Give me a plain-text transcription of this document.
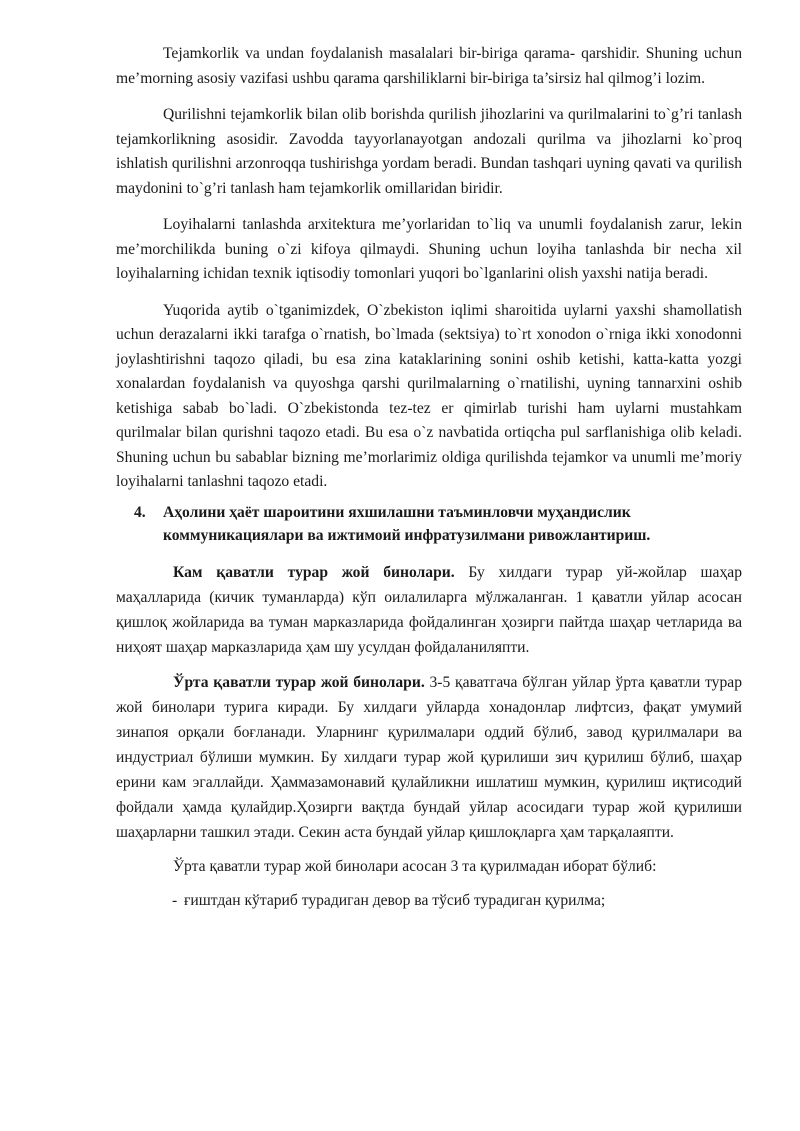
Tejamkorlik va undan foydalanish masalalari bir-biriga qarama- qarshidir. Shuning uchun me’morning asosiy vazifasi ushbu qarama qarshiliklarni bir-biriga ta’sirsiz hal qilmog’i lozim.

Qurilishni tejamkorlik bilan olib borishda qurilish jihozlarini va qurilmalarini to`g’ri tanlash tejamkorlikning asosidir. Zavodda tayyorlanayotgan andozali qurilma va jihozlarni ko`proq ishlatish qurilishni arzonroqqa tushirishga yordam beradi. Bundan tashqari uyning qavati va qurilish maydonini to`g’ri tanlash ham tejamkorlik omillaridan biridir.

Loyihalarni tanlashda arxitektura me’yorlaridan to`liq va unumli foydalanish zarur, lekin me’morchilikda buning o`zi kifoya qilmaydi. Shuning uchun loyiha tanlashda bir necha xil loyihalarning ichidan texnik iqtisodiy tomonlari yuqori bo`lganlarini olish yaxshi natija beradi.

Yuqorida aytib o`tganimizdek, O`zbekiston iqlimi sharoitida uylarni yaxshi shamollatish uchun derazalarni ikki tarafga o`rnatish, bo`lmada (sektsiya) to`rt xonodon o`rniga ikki xonodonni joylashtirishni taqozo qiladi, bu esa zina kataklarining sonini oshib ketishi, katta-katta yozgi xonalardan foydalanish va quyoshga qarshi qurilmalarning o`rnatilishi, uyning tannarxini oshib ketishiga sabab bo`ladi. O`zbekistonda tez-tez er qimirlab turishi ham uylarni mustahkam qurilmalar bilan qurishni taqozo etadi. Bu esa o`z navbatida ortiqcha pul sarflanishiga olib keladi. Shuning uchun bu sabablar bizning me’morlarimiz oldiga qurilishda tejamkor va unumli me’moriy loyihalarni tanlashni taqozo etadi.

4.	Аҳолини ҳаёт шароитини яхшилашни таъминловчи муҳандислик коммуникациялари ва ижтимоий инфратузилмани ривожлантириш.

Кам қаватли турар жой бинолари. Бу хилдаги турар уй-жойлар шаҳар маҳалларида (кичик туманларда) кўп оилалиларга мўлжаланган. 1 қаватли уйлар асосан қишлоқ жойларида ва туман марказларида фойдалинган ҳозирги пайтда шаҳар четларида ва ниҳоят шаҳар марказларида ҳам шу усулдан фойдаланиляпти.

Ўрта қаватли турар жой бинолари. 3-5 қаватгача бўлган уйлар ўрта қаватли турар жой бинолари турига киради. Бу хилдаги уйларда хонадонлар лифтсиз, фақат умумий зинапоя орқали боғланади. Уларнинг қурилмалари оддий бўлиб, завод қурилмалари ва индустриал бўлиши мумкин. Бу хилдаги турар жой қурилиши зич қурилиш бўлиб, шаҳар ерини кам эгаллайди. Ҳаммазамонавий қулайликни ишлатиш мумкин, қурилиш иқтисодий фойдали ҳамда қулайдир.Ҳозирги вақтда бундай уйлар асосидаги турар жой қурилиши шаҳарларни ташкил этади. Секин аста бундай уйлар қишлоқларга ҳам тарқалаяпти.

Ўрта қаватли турар жой бинолари асосан 3 та қурилмадан иборат бўлиб:

- ғиштдан кўтариб турадиган девор ва тўсиб турадиган қурилма;
